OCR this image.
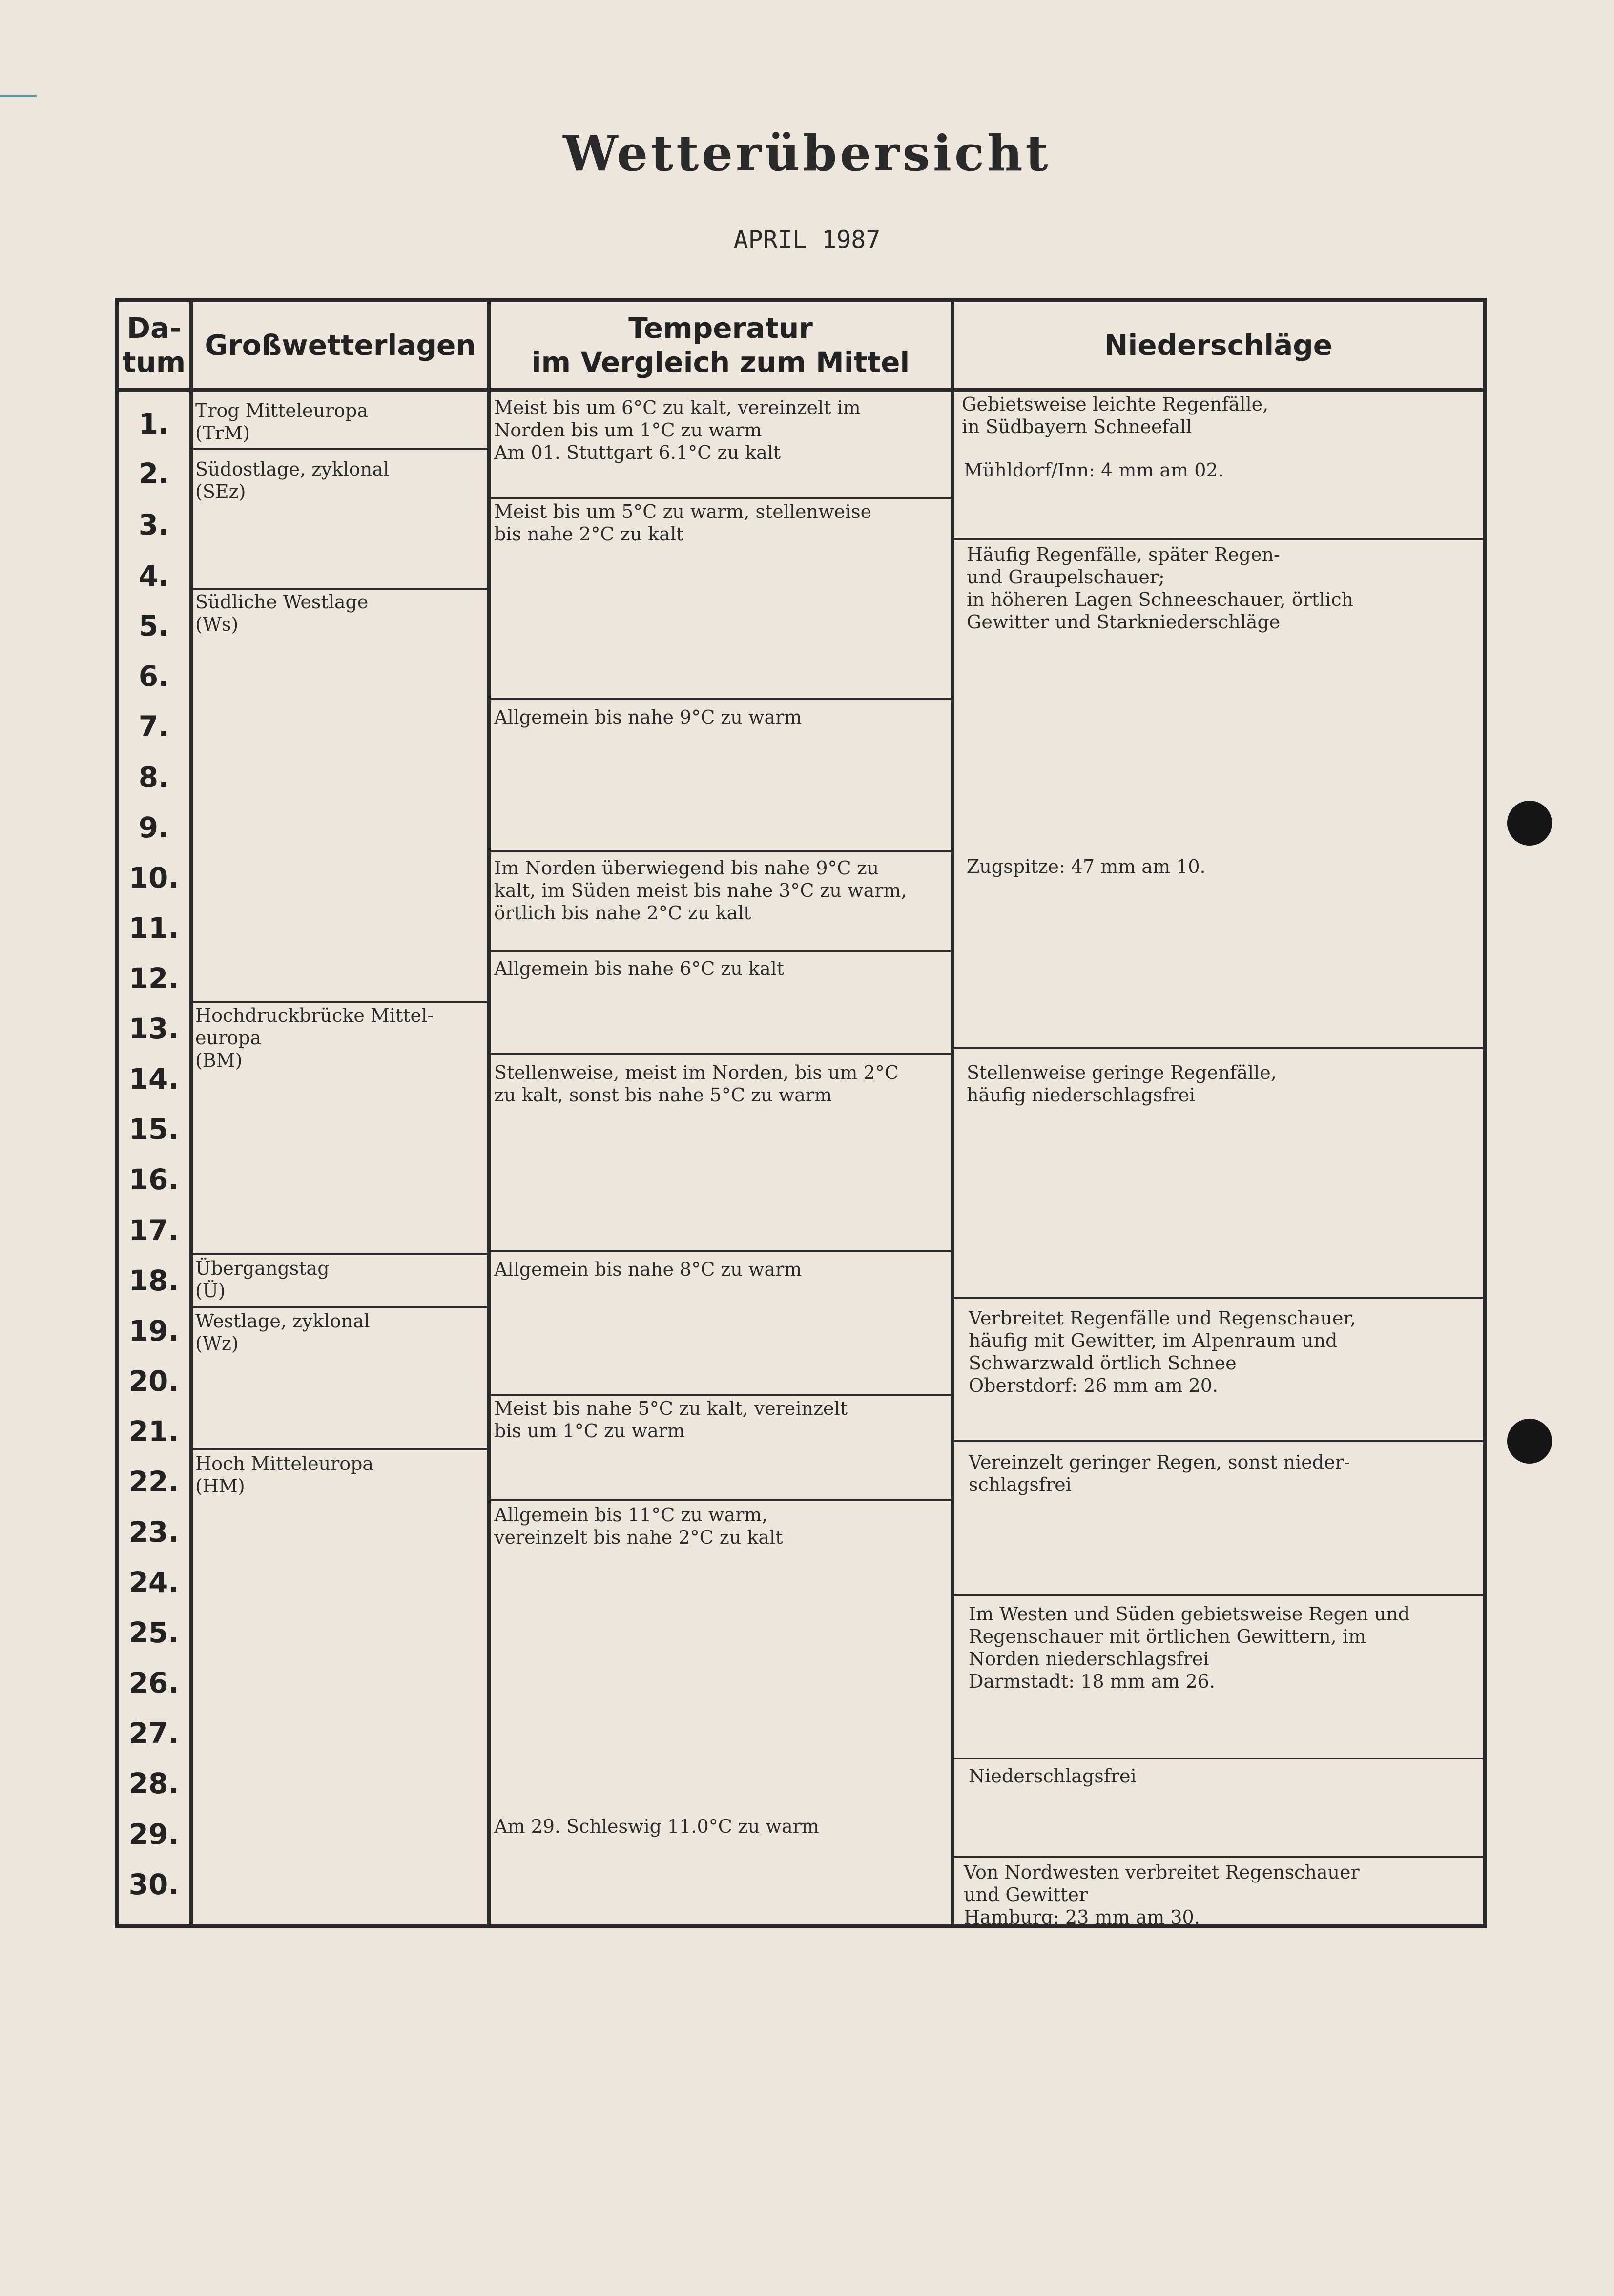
Wetterübersicht
APRIL 1987
Da-
tum
Großwetterlagen
Temperatur
im Vergleich zum Mittel
Niederschläge
1.
2.
3.
4.
5.
6.
7.
8.
9.
10.
11.
12.
13.
14.
15.
16.
17.
18.
19.
20.
21.
22.
23.
24.
25.
26.
27.
28.
29.
30.
Trog Mitteleuropa
(TrM)
Südostlage, zyklonal
(SEz)
Südliche Westlage
(Ws)
Hochdruckbrücke Mittel-
europa
(BM)
Übergangstag
(Ü)
Westlage, zyklonal
(Wz)
Hoch Mitteleuropa
(HM)
Meist bis um 6°C zu kalt, vereinzelt im
Norden bis um 1°C zu warm
Am 01. Stuttgart 6.1°C zu kalt
Meist bis um 5°C zu warm, stellenweise
bis nahe 2°C zu kalt
Allgemein bis nahe 9°C zu warm
Im Norden überwiegend bis nahe 9°C zu
kalt, im Süden meist bis nahe 3°C zu warm,
örtlich bis nahe 2°C zu kalt
Allgemein bis nahe 6°C zu kalt
Stellenweise, meist im Norden, bis um 2°C
zu kalt, sonst bis nahe 5°C zu warm
Allgemein bis nahe 8°C zu warm
Meist bis nahe 5°C zu kalt, vereinzelt
bis um 1°C zu warm
Allgemein bis 11°C zu warm,
vereinzelt bis nahe 2°C zu kalt
Am 29. Schleswig 11.0°C zu warm
Gebietsweise leichte Regenfälle,
in Südbayern Schneefall
Mühldorf/Inn: 4 mm am 02.
Häufig Regenfälle, später Regen-
und Graupelschauer;
in höheren Lagen Schneeschauer, örtlich
Gewitter und Starkniederschläge
Zugspitze: 47 mm am 10.
Stellenweise geringe Regenfälle,
häufig niederschlagsfrei
Verbreitet Regenfälle und Regenschauer,
häufig mit Gewitter, im Alpenraum und
Schwarzwald örtlich Schnee
Oberstdorf: 26 mm am 20.
Vereinzelt geringer Regen, sonst nieder-
schlagsfrei
Im Westen und Süden gebietsweise Regen und
Regenschauer mit örtlichen Gewittern, im
Norden niederschlagsfrei
Darmstadt: 18 mm am 26.
Niederschlagsfrei
Von Nordwesten verbreitet Regenschauer
und Gewitter
Hamburg: 23 mm am 30.
